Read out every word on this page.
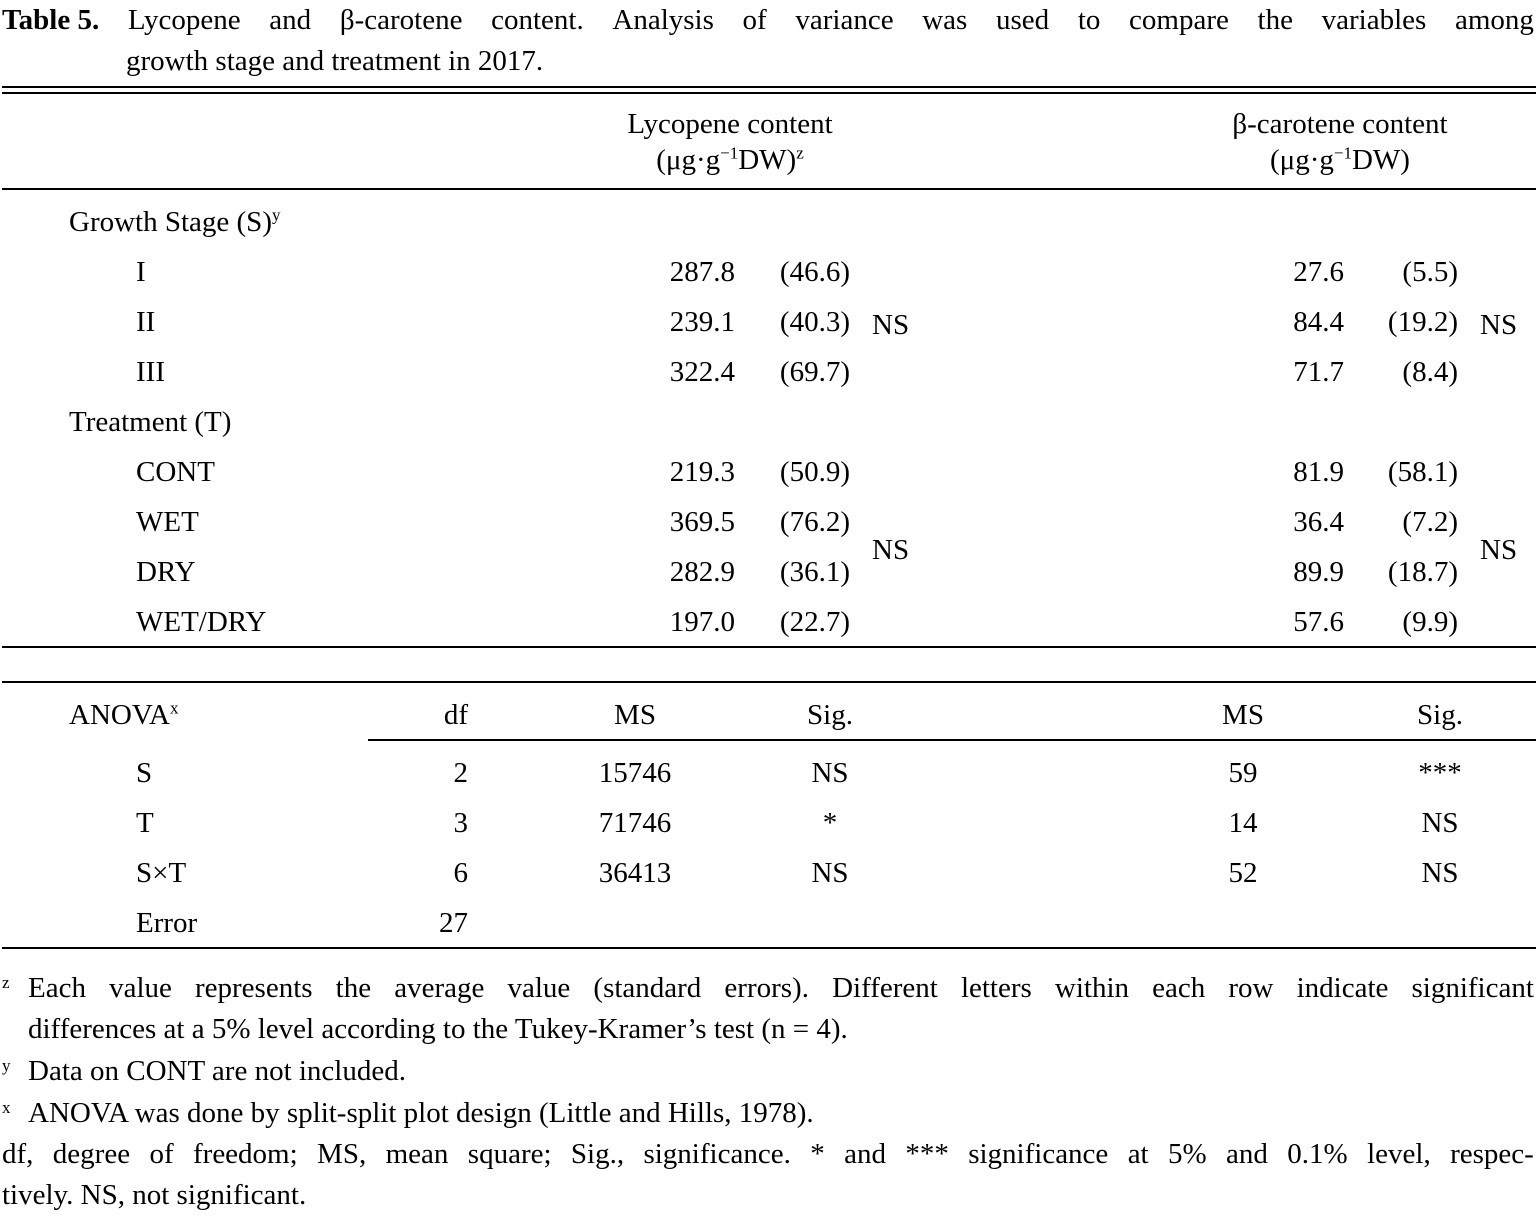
Table 5. Lycopene and β-carotene content. Analysis of variance was used to compare the variables among
growth stage and treatment in 2017.
Lycopene content
$(\mu g\cdot g^{-1}DW)^z$
β-carotene content
$(\mu g\cdot g^{-1}DW)$
Growth Stage $(S)^y$
I	287.8	(46.6)	27.6	(5.5)
II	239.1	(40.3)	84.4	(19.2)
III	322.4	(69.7)	71.7	(8.4)
NS	NS
Treatment (T)
CONT	219.3	(50.9)	81.9	(58.1)
WET	369.5	(76.2)	36.4	(7.2)
DRY	282.9	(36.1)	89.9	(18.7)
WET/DRY	197.0	(22.7)	57.6	(9.9)
NS	NS
ANOVA$^x$	df	MS	Sig.	MS	Sig.
S	2	15746	NS	59	***
T	3	71746	*	14	NS
S×T	6	36413	NS	52	NS
Error	27
z Each value represents the average value (standard errors). Different letters within each row indicate significant
differences at a 5% level according to the Tukey-Kramer’s test (n = 4).
y Data on CONT are not included.
x ANOVA was done by split-split plot design (Little and Hills, 1978).
df, degree of freedom; MS, mean square; Sig., significance. * and *** significance at 5% and 0.1% level, respec-
tively. NS, not significant.
